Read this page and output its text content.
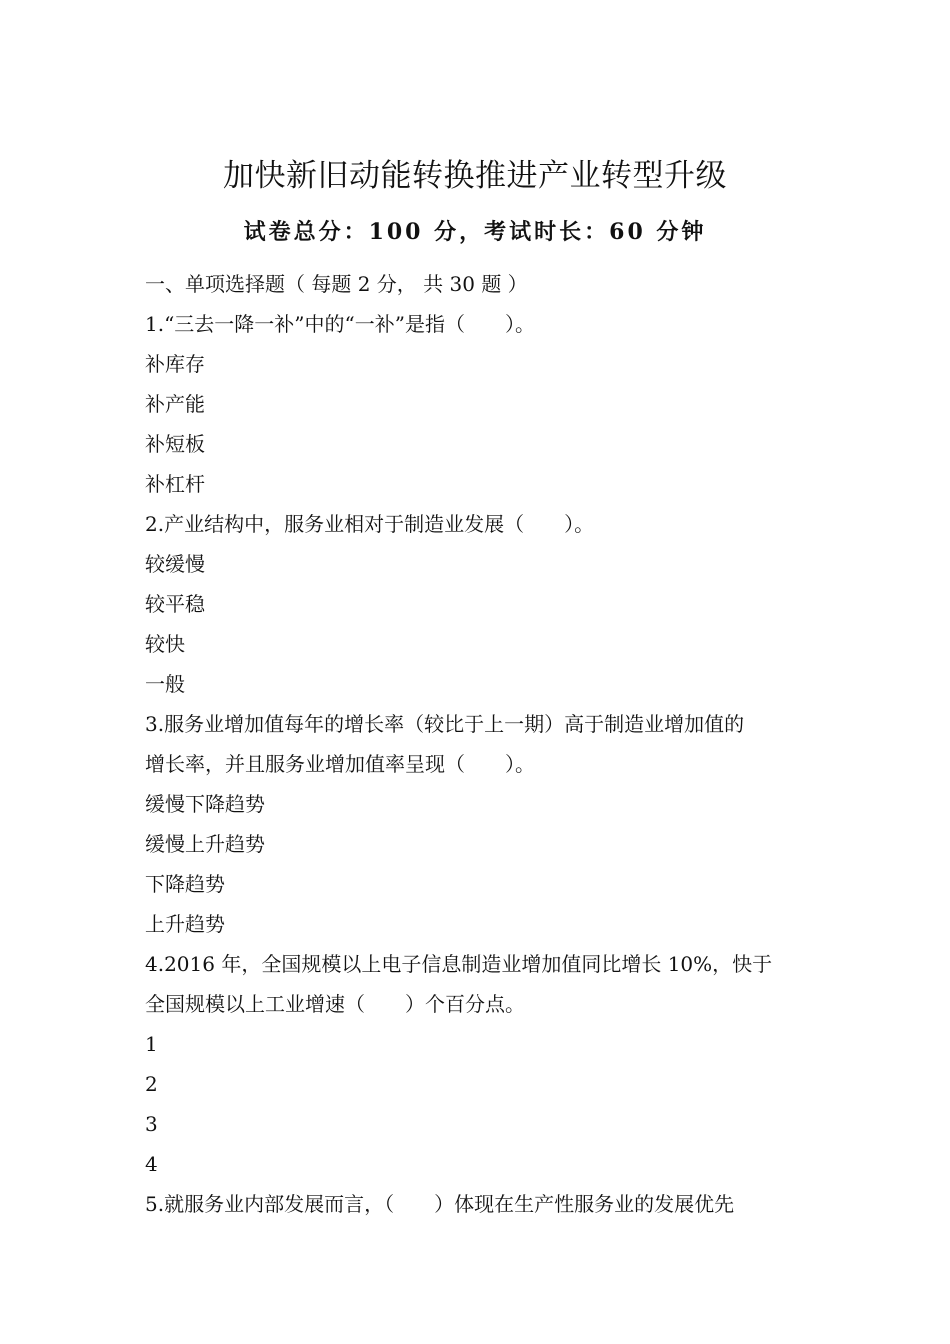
加快新旧动能转换推进产业转型升级
试卷总分：100 分，考试时长：60 分钟
一、单项选择题（ 每题 2 分， 共 30 题 ）
1.“三去一降一补”中的“一补”是指（　　）。
补库存
补产能
补短板
补杠杆
2.产业结构中，服务业相对于制造业发展（　　）。
较缓慢
较平稳
较快
一般
3.服务业增加值每年的增长率（较比于上一期）高于制造业增加值的
增长率，并且服务业增加值率呈现（　　）。
缓慢下降趋势
缓慢上升趋势
下降趋势
上升趋势
4.2016 年，全国规模以上电子信息制造业增加值同比增长 10%，快于
全国规模以上工业增速（　　）个百分点。
1
2
3
4
5.就服务业内部发展而言，（　　）体现在生产性服务业的发展优先
